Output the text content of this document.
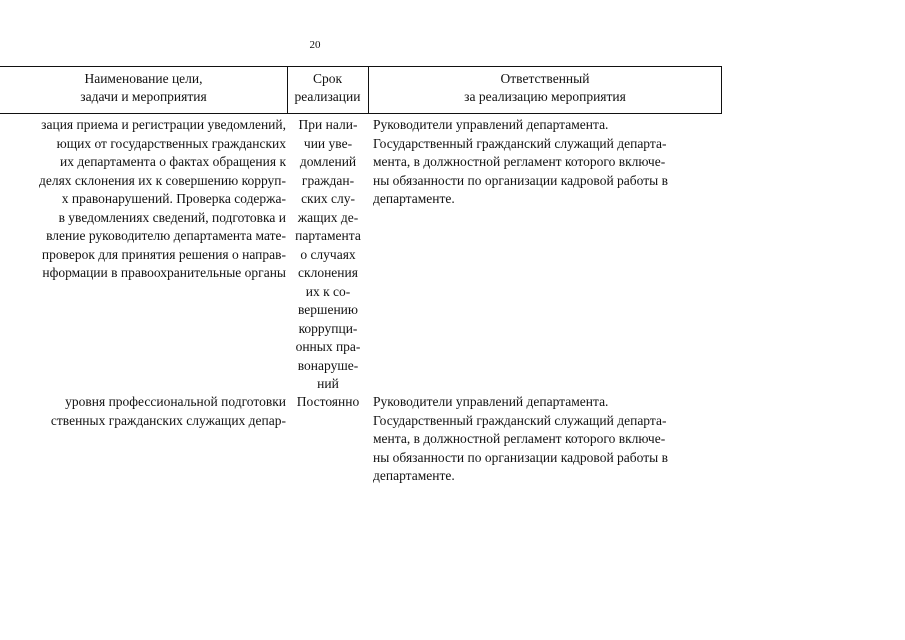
20
Наименование цели,
задачи и мероприятия
Срок
реализации
Ответственный
за реализацию мероприятия
зация приема и регистрации уведомлений,
ющих от государственных гражданских
их департамента о фактах обращения к
делях склонения их к совершению корруп-
х правонарушений. Проверка содержа-
в уведомлениях сведений, подготовка и
вление руководителю департамента мате-
проверок для принятия решения о направ-
нформации в правоохранительные органы
При нали-
чии уве-
домлений
граждан-
ских слу-
жащих де-
партамента
о случаях
склонения
их к со-
вершению
коррупци-
онных пра-
вонаруше-
ний
Руководители управлений департамента.
Государственный гражданский служащий департа-
мента, в должностной регламент которого включе-
ны обязанности по организации кадровой работы в
департаменте.
уровня профессиональной подготовки
ственных гражданских служащих депар-
Постоянно	Руководители управлений департамента.
Государственный гражданский служащий департа-
мента, в должностной регламент которого включе-
ны обязанности по организации кадровой работы в
департаменте.
